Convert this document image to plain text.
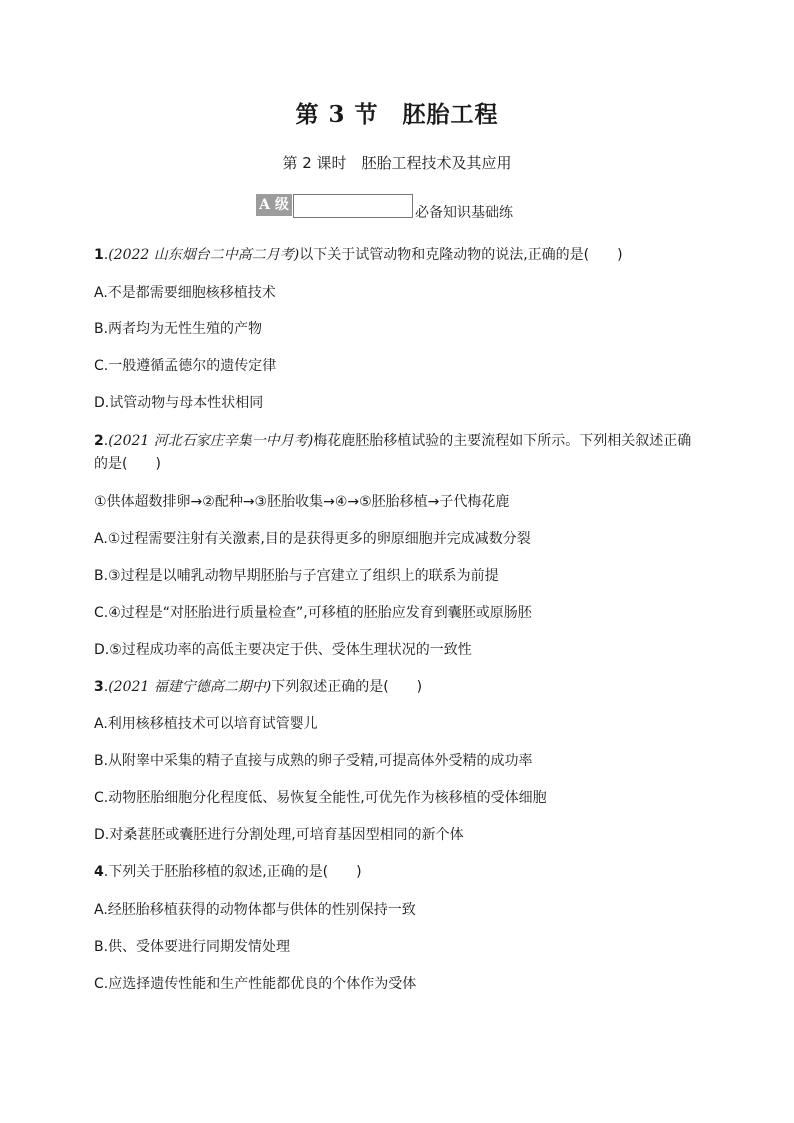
第 3 节　胚胎工程
第 2 课时　胚胎工程技术及其应用
A 级	必备知识基础练
1.(2022 山东烟台二中高二月考)以下关于试管动物和克隆动物的说法,正确的是(　　)
A.不是都需要细胞核移植技术
B.两者均为无性生殖的产物
C.一般遵循孟德尔的遗传定律
D.试管动物与母本性状相同
2.(2021 河北石家庄辛集一中月考)梅花鹿胚胎移植试验的主要流程如下所示。下列相关叙述正确的是(　　)
①供体超数排卵→②配种→③胚胎收集→④→⑤胚胎移植→子代梅花鹿
A.①过程需要注射有关激素,目的是获得更多的卵原细胞并完成减数分裂
B.③过程是以哺乳动物早期胚胎与子宫建立了组织上的联系为前提
C.④过程是“对胚胎进行质量检查”,可移植的胚胎应发育到囊胚或原肠胚
D.⑤过程成功率的高低主要决定于供、受体生理状况的一致性
3.(2021 福建宁德高二期中)下列叙述正确的是(　　)
A.利用核移植技术可以培育试管婴儿
B.从附睾中采集的精子直接与成熟的卵子受精,可提高体外受精的成功率
C.动物胚胎细胞分化程度低、易恢复全能性,可优先作为核移植的受体细胞
D.对桑葚胚或囊胚进行分割处理,可培育基因型相同的新个体
4.下列关于胚胎移植的叙述,正确的是(　　)
A.经胚胎移植获得的动物体都与供体的性别保持一致
B.供、受体要进行同期发情处理
C.应选择遗传性能和生产性能都优良的个体作为受体
